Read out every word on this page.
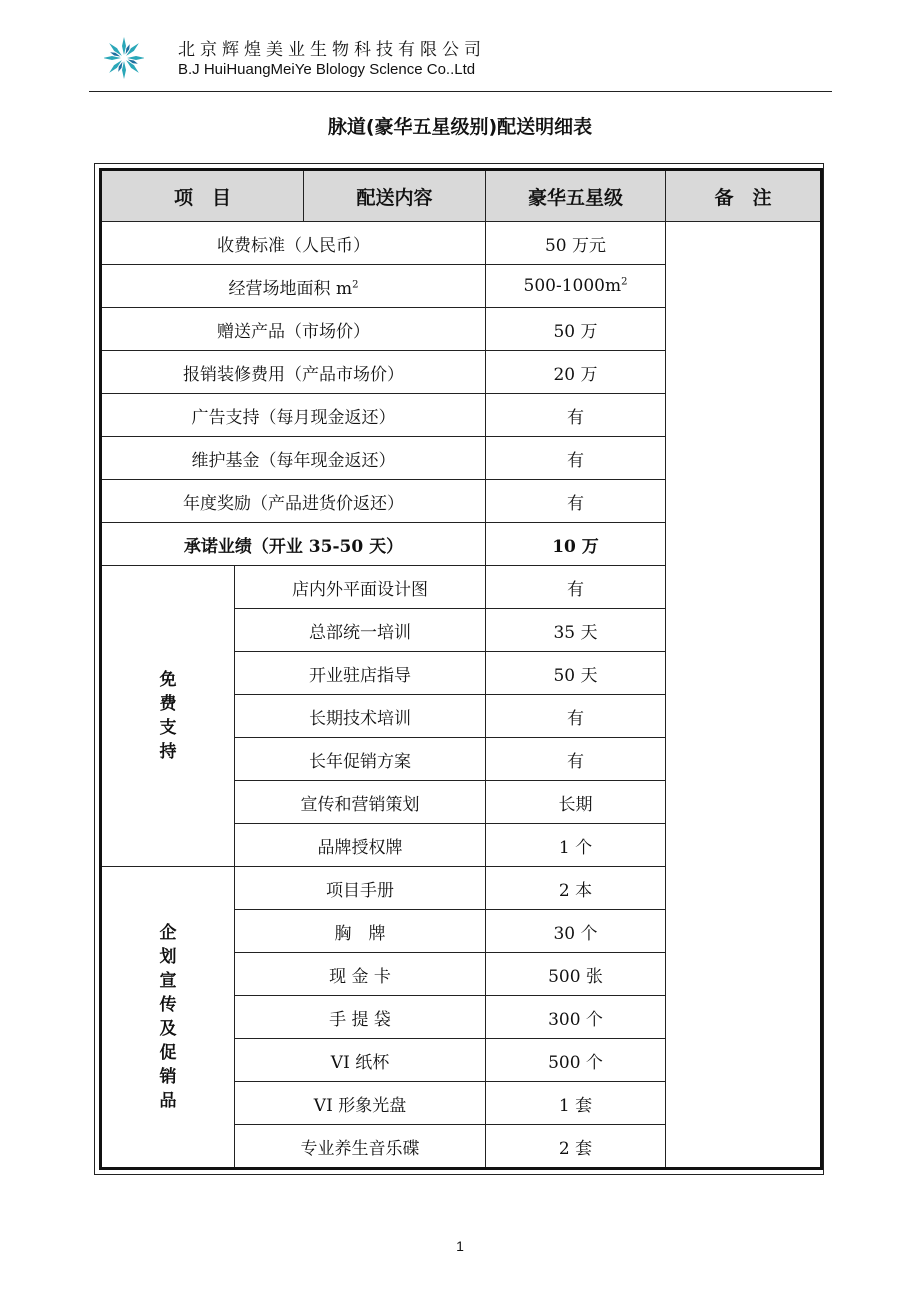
北京辉煌美业生物科技有限公司
B.J HuiHuangMeiYe Blology Sclence Co..Ltd
脉道(豪华五星级别)配送明细表
项　目		配送内容	豪华五星级	备　注
收费标准（人民币）			50 万元	
经营场地面积 $m^2$			$500-1000m^2$
赠送产品（市场价）			50 万	
报销装修费用（产品市场价）			20 万	
广告支持（每月现金返还）			有	
维护基金（每年现金返还）			有	
年度奖励（产品进货价返还）			有	
承诺业绩（开业 35-50 天）			10 万	
免费支持	店内外平面设计图		有	
	总部统一培训		35 天	
	开业驻店指导		50 天	
	长期技术培训		有	
	长年促销方案		有	
	宣传和营销策划		长期	
	品牌授权牌		1 个	
企划宣传及促销品	项目手册		2 本	
	胸　牌		30 个	
	现 金 卡		500 张	
	手 提 袋		300 个	
	VI 纸杯		500 个	
	VI 形象光盘		1 套	
	专业养生音乐碟		2 套	
1
